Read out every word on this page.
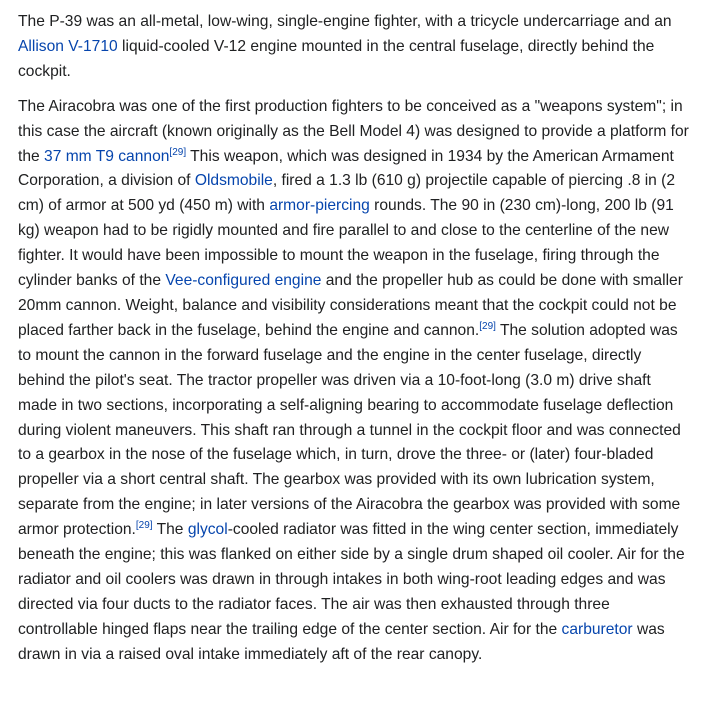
The P-39 was an all-metal, low-wing, single-engine fighter, with a tricycle undercarriage and an Allison V-1710 liquid-cooled V-12 engine mounted in the central fuselage, directly behind the cockpit.

The Airacobra was one of the first production fighters to be conceived as a "weapons system"; in this case the aircraft (known originally as the Bell Model 4) was designed to provide a platform for the 37 mm T9 cannon[29] This weapon, which was designed in 1934 by the American Armament Corporation, a division of Oldsmobile, fired a 1.3 lb (610 g) projectile capable of piercing .8 in (2 cm) of armor at 500 yd (450 m) with armor-piercing rounds. The 90 in (230 cm)-long, 200 lb (91 kg) weapon had to be rigidly mounted and fire parallel to and close to the centerline of the new fighter. It would have been impossible to mount the weapon in the fuselage, firing through the cylinder banks of the Vee-configured engine and the propeller hub as could be done with smaller 20mm cannon. Weight, balance and visibility considerations meant that the cockpit could not be placed farther back in the fuselage, behind the engine and cannon.[29] The solution adopted was to mount the cannon in the forward fuselage and the engine in the center fuselage, directly behind the pilot's seat. The tractor propeller was driven via a 10-foot-long (3.0 m) drive shaft made in two sections, incorporating a self-aligning bearing to accommodate fuselage deflection during violent maneuvers. This shaft ran through a tunnel in the cockpit floor and was connected to a gearbox in the nose of the fuselage which, in turn, drove the three- or (later) four-bladed propeller via a short central shaft. The gearbox was provided with its own lubrication system, separate from the engine; in later versions of the Airacobra the gearbox was provided with some armor protection.[29] The glycol-cooled radiator was fitted in the wing center section, immediately beneath the engine; this was flanked on either side by a single drum shaped oil cooler. Air for the radiator and oil coolers was drawn in through intakes in both wing-root leading edges and was directed via four ducts to the radiator faces. The air was then exhausted through three controllable hinged flaps near the trailing edge of the center section. Air for the carburetor was drawn in via a raised oval intake immediately aft of the rear canopy.
